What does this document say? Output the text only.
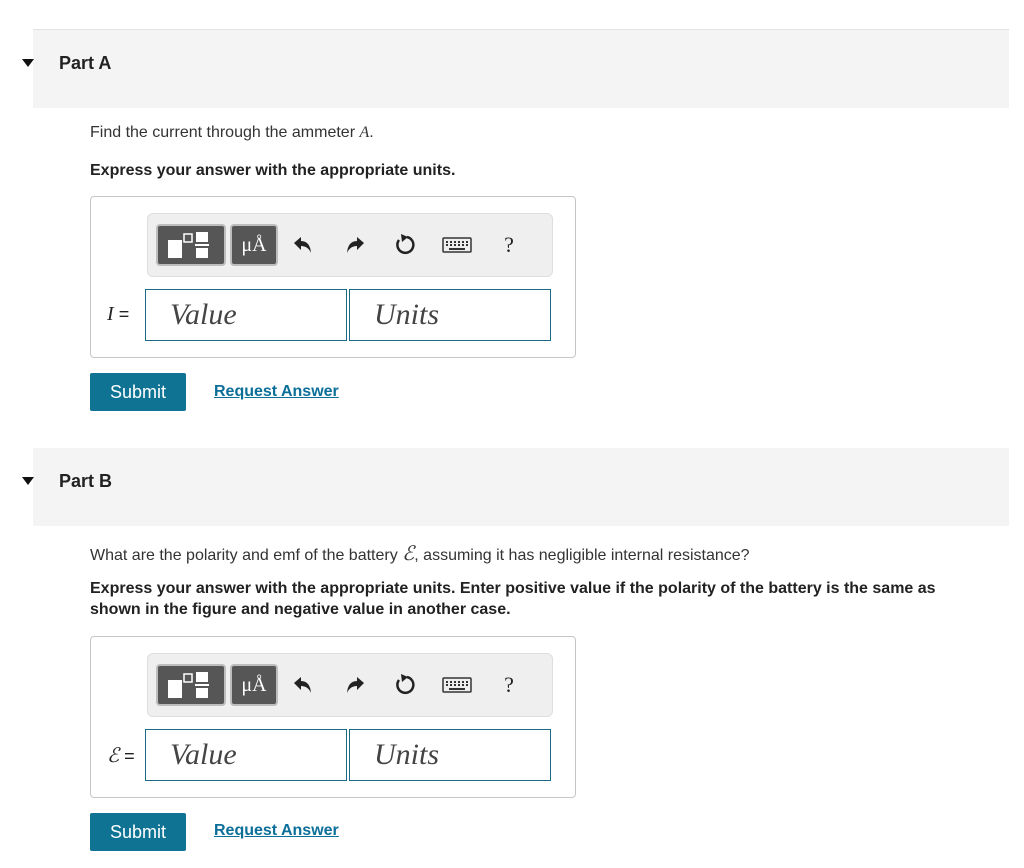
Part A
Find the current through the ammeter A.
Express your answer with the appropriate units.
μÅ	?
I =	Value	Units
Submit	Request Answer
Part B
What are the polarity and emf of the battery ℰ, assuming it has negligible internal resistance?
Express your answer with the appropriate units. Enter positive value if the polarity of the battery is the same as shown in the figure and negative value in another case.
μÅ	?
ℰ =	Value	Units
Submit	Request Answer
